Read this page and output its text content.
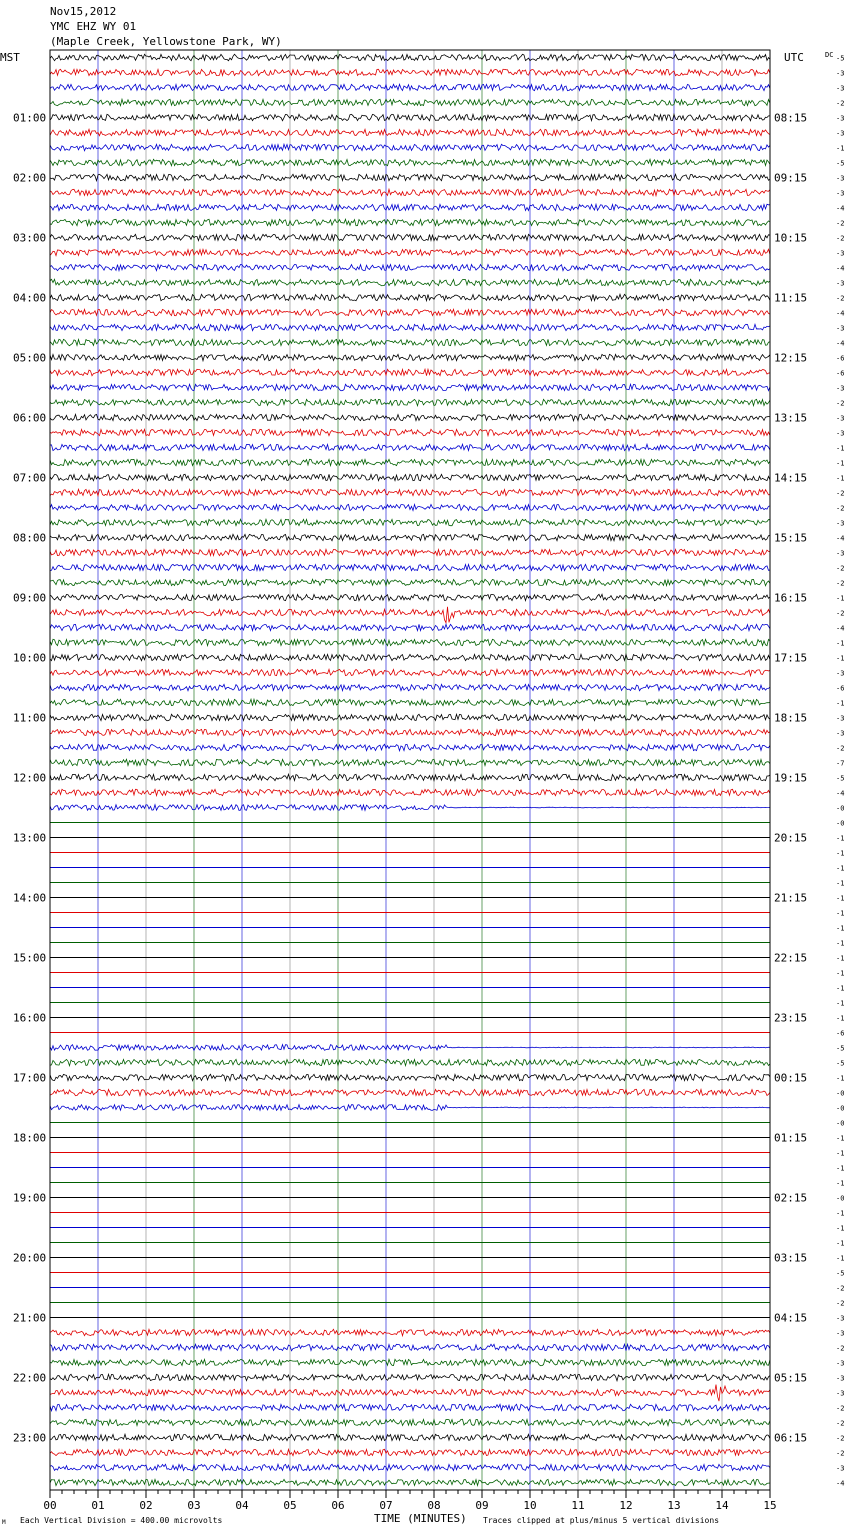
Nov15,2012
YMC EHZ WY 01
(Maple Creek, Yellowstone Park, WY)
MST	UTC	DC
01:00
02:00
03:00
04:00
05:00
06:00
07:00
08:00
09:00
10:00
11:00
12:00
13:00
14:00
15:00
16:00
17:00
18:00
19:00
20:00
21:00
22:00
23:00
08:15
09:15
10:15
11:15
12:15
13:15
14:15
15:15
16:15
17:15
18:15
19:15
20:15
21:15
22:15
23:15
00:15
01:15
02:15
03:15
04:15
05:15
06:15
-5
-3
-3
-2
-3
-3
-1
-5
-3
-3
-4
-2
-2
-3
-4
-3
-2
-4
-3
-4
-6
-6
-3
-2
-3
-3
-1
-1
-1
-2
-2
-3
-4
-3
-2
-2
-1
-2
-4
-1
-1
-3
-6
-1
-3
-3
-2
-7
-5
-4
-0
-0
-1
-1
-1
-1
-1
-1
-1
-1
-1
-1
-1
-1
-1
-6
-5
-5
-1
-0
-0
-0
-1
-1
-1
-1
-0
-1
-1
-1
-1
-5
-2
-2
-3
-3
-2
-3
-3
-3
-2
-2
-2
-2
-3
-4
00	01	02	03	04	05	06	07	08	09	10	11	12	13	14	15
M Each Vertical Division = 400.00 microvolts	TIME (MINUTES) Traces clipped at plus/minus 5 vertical divisions
